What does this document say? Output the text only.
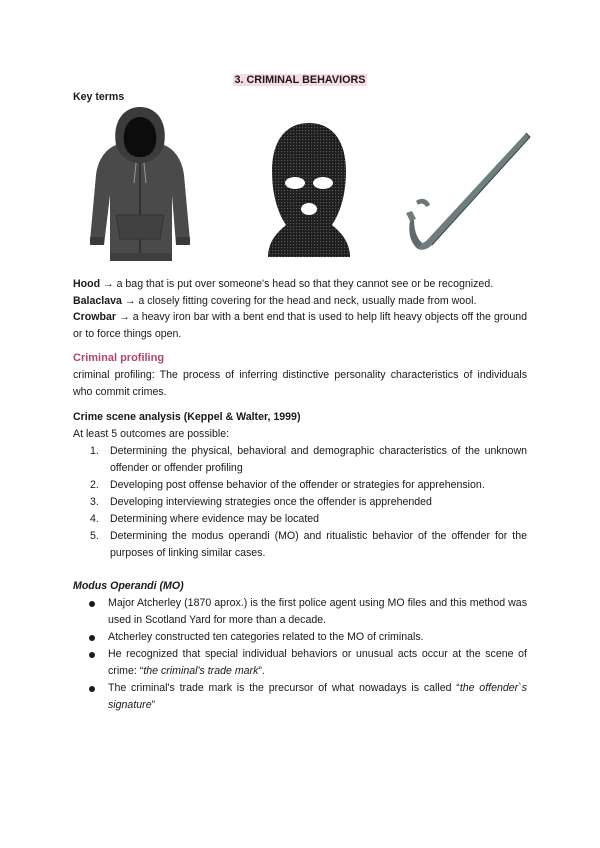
3. CRIMINAL BEHAVIORS
Key terms
Hood → a bag that is put over someone's head so that they cannot see or be recognized.
Balaclava → a closely fitting covering for the head and neck, usually made from wool.
Crowbar → a heavy iron bar with a bent end that is used to help lift heavy objects off the ground or to force things open.
Criminal profiling
criminal profiling: The process of inferring distinctive personality characteristics of individuals who commit crimes.
Crime scene analysis (Keppel & Walter, 1999)
At least 5 outcomes are possible:
1. Determining the physical, behavioral and demographic characteristics of the unknown offender or offender profiling
2. Developing post offense behavior of the offender or strategies for apprehension.
3. Developing interviewing strategies once the offender is apprehended
4. Determining where evidence may be located
5. Determining the modus operandi (MO) and ritualistic behavior of the offender for the purposes of linking similar cases.
Modus Operandi (MO)
Major Atcherley (1870 aprox.) is the first police agent using MO files and this method was used in Scotland Yard for more than a decade.
Atcherley constructed ten categories related to the MO of criminals.
He recognized that special individual behaviors or unusual acts occur at the scene of crime: “the criminal's trade mark”.
The criminal's trade mark is the precursor of what nowadays is called “the offender`s signature”
